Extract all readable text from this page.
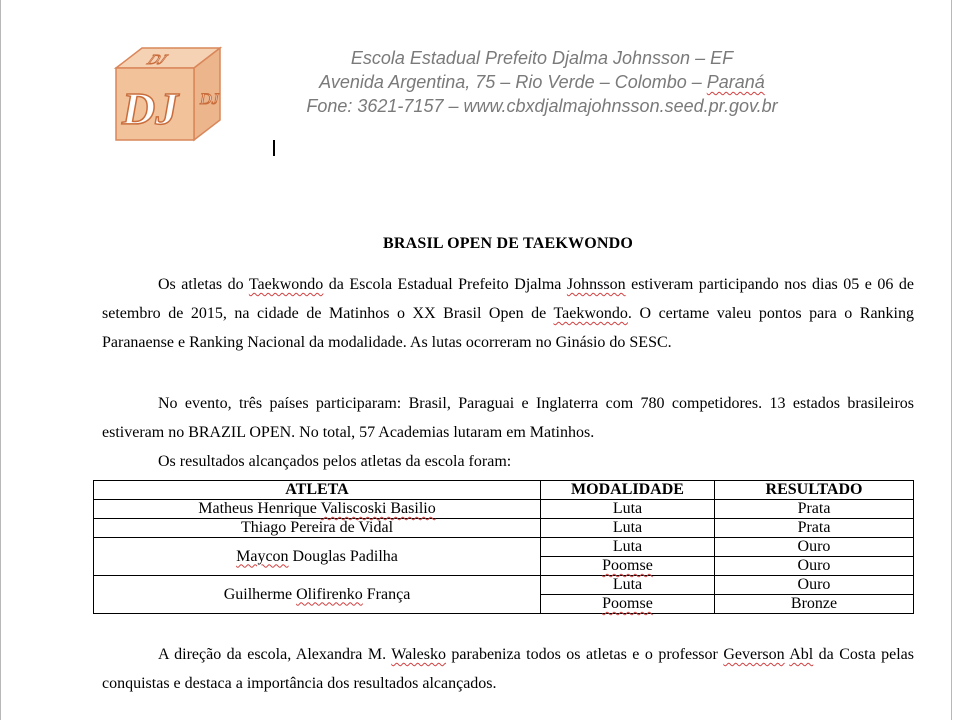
DJ
DJ
DJ
Escola Estadual Prefeito Djalma Johnsson – EF
Avenida Argentina, 75 – Rio Verde – Colombo – Paraná
Fone: 3621-7157 – www.cbxdjalmajohnsson.seed.pr.gov.br
BRASIL OPEN DE TAEKWONDO
Os atletas do Taekwondo da Escola Estadual Prefeito Djalma Johnsson estiveram participando nos dias 05 e 06 de setembro de 2015, na cidade de Matinhos o XX Brasil Open de Taekwondo. O certame valeu pontos para o Ranking Paranaense e Ranking Nacional da modalidade. As lutas ocorreram no Ginásio do SESC.
No evento, três países participaram: Brasil, Paraguai e Inglaterra com 780 competidores. 13 estados brasileiros estiveram no BRAZIL OPEN. No total, 57 Academias lutaram em Matinhos.
Os resultados alcançados pelos atletas da escola foram:
ATLETA	MODALIDADE	RESULTADO
Matheus Henrique Valiscoski Basilio	Luta	Prata
Thiago Pereira de Vidal	Luta	Prata
Maycon Douglas Padilha	Luta	Ouro
	Poomse	Ouro
Guilherme Olifirenko França	Luta	Ouro
	Poomse	Bronze
A direção da escola, Alexandra M. Walesko parabeniza todos os atletas e o professor Geverson Abl da Costa pelas conquistas e destaca a importância dos resultados alcançados.
